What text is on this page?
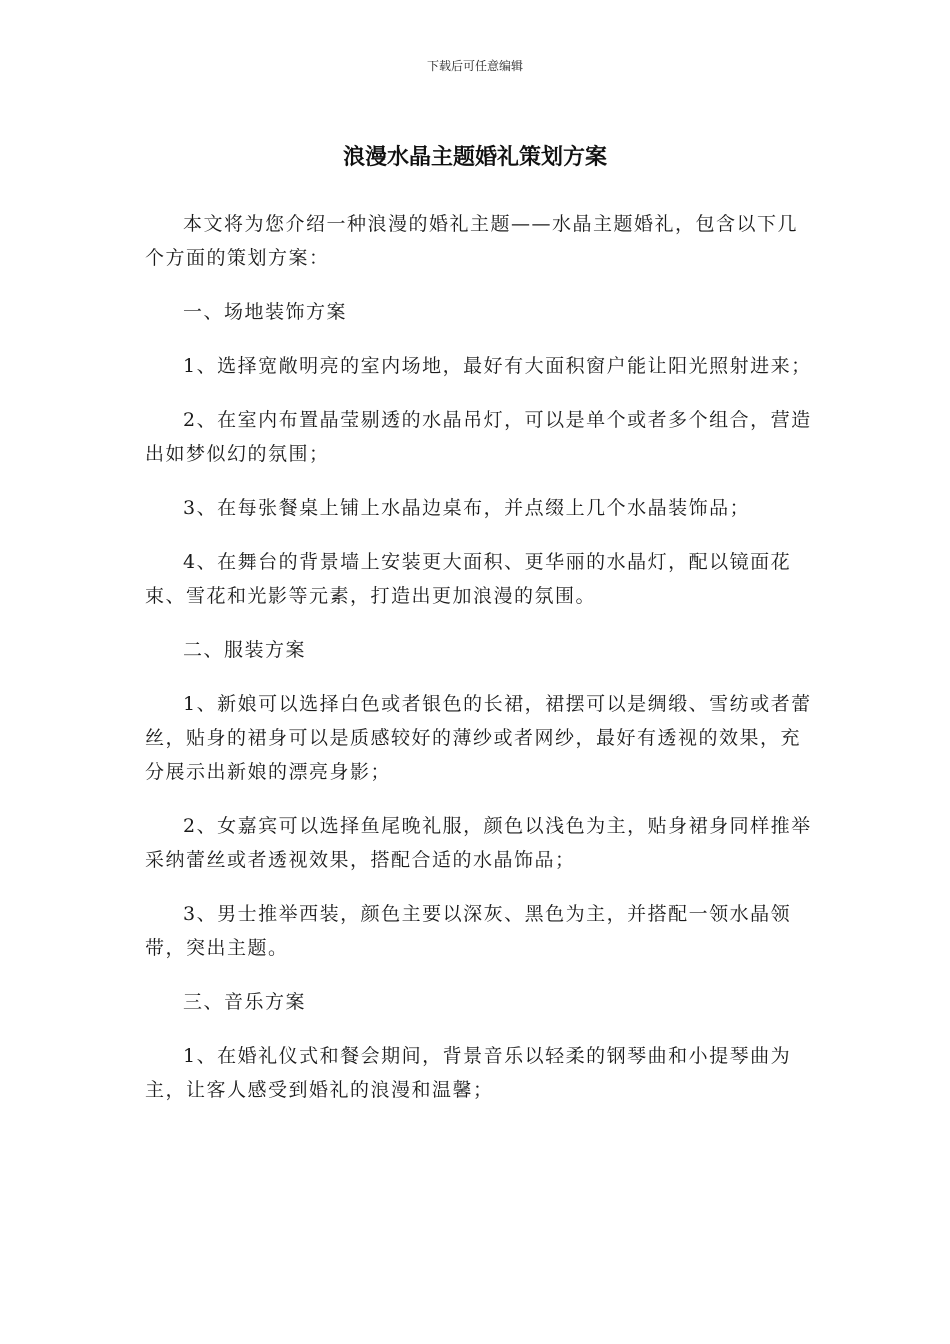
下载后可任意编辑
浪漫水晶主题婚礼策划方案

本文将为您介绍一种浪漫的婚礼主题——水晶主题婚礼，包含以下几个方面的策划方案：

一、场地装饰方案

1、选择宽敞明亮的室内场地，最好有大面积窗户能让阳光照射进来；

2、在室内布置晶莹剔透的水晶吊灯，可以是单个或者多个组合，营造出如梦似幻的氛围；

3、在每张餐桌上铺上水晶边桌布，并点缀上几个水晶装饰品；

4、在舞台的背景墙上安装更大面积、更华丽的水晶灯，配以镜面花束、雪花和光影等元素，打造出更加浪漫的氛围。

二、服装方案

1、新娘可以选择白色或者银色的长裙，裙摆可以是绸缎、雪纺或者蕾丝，贴身的裙身可以是质感较好的薄纱或者网纱，最好有透视的效果，充分展示出新娘的漂亮身影；

2、女嘉宾可以选择鱼尾晚礼服，颜色以浅色为主，贴身裙身同样推举采纳蕾丝或者透视效果，搭配合适的水晶饰品；

3、男士推举西装，颜色主要以深灰、黑色为主，并搭配一领水晶领带，突出主题。

三、音乐方案

1、在婚礼仪式和餐会期间，背景音乐以轻柔的钢琴曲和小提琴曲为主，让客人感受到婚礼的浪漫和温馨；
